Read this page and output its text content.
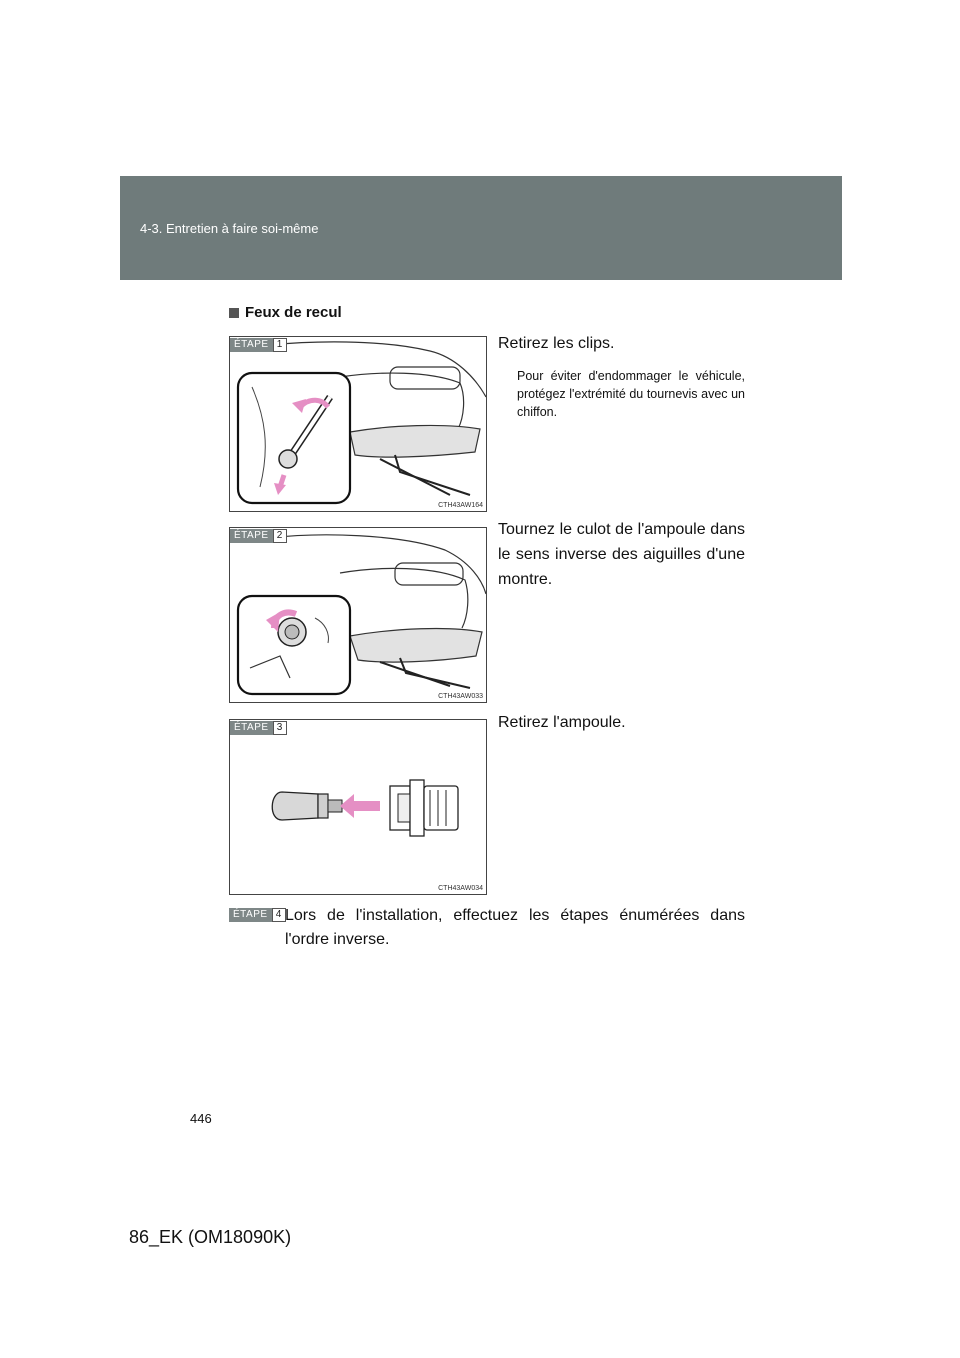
4-3. Entretien à faire soi-même
Feux de recul
ÉTAPE 1
CTH43AW164
Retirez les clips.
Pour éviter d'endommager le véhicule, protégez l'extrémité du tournevis avec un chiffon.
ÉTAPE 2
CTH43AW033
Tournez le culot de l'ampoule dans le sens inverse des aiguilles d'une montre.
ÉTAPE 3
CTH43AW034
Retirez l'ampoule.
ÉTAPE 4 Lors de l'installation, effectuez les étapes énumérées dans l'ordre inverse.
446
86_EK (OM18090K)
